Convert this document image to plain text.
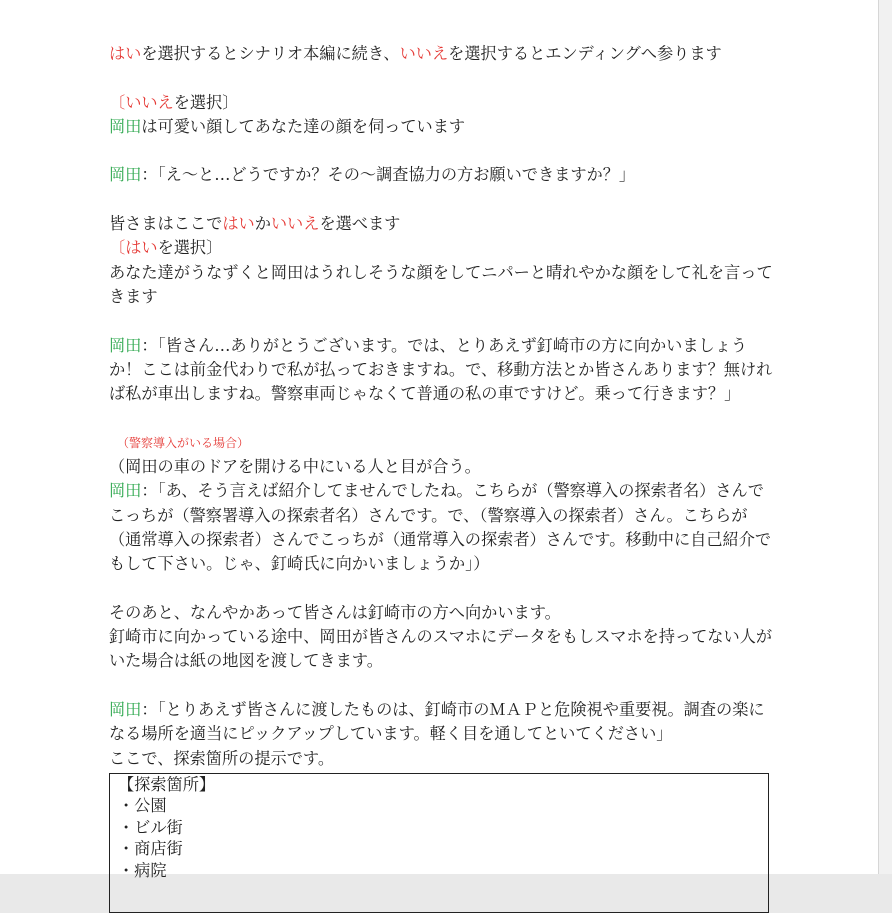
はいを選択するとシナリオ本編に続き、いいえを選択するとエンディングへ参ります
〔いいえを選択〕
岡田は可愛い顔してあなた達の顔を伺っています
岡田：「え～と…どうですか？その～調査協力の方お願いできますか？」
皆さまはここではいかいいえを選べます
〔はいを選択〕
あなた達がうなずくと岡田はうれしそうな顔をしてニパーと晴れやかな顔をして礼を言って
きます
岡田：「皆さん…ありがとうございます。では、とりあえず釘崎市の方に向かいましょう
か！ここは前金代わりで私が払っておきますね。で、移動方法とか皆さんあります？無けれ
ば私が車出しますね。警察車両じゃなくて普通の私の車ですけど。乗って行きます？」
（警察導入がいる場合）
（岡田の車のドアを開ける中にいる人と目が合う。
岡田：「あ、そう言えば紹介してませんでしたね。こちらが（警察導入の探索者名）さんで
こっちが（警察署導入の探索者名）さんです。で、（警察導入の探索者）さん。こちらが
（通常導入の探索者）さんでこっちが（通常導入の探索者）さんです。移動中に自己紹介で
もして下さい。じゃ、釘崎氏に向かいましょうか」）
そのあと、なんやかあって皆さんは釘崎市の方へ向かいます。
釘崎市に向かっている途中、岡田が皆さんのスマホにデータをもしスマホを持ってない人が
いた場合は紙の地図を渡してきます。
岡田：「とりあえず皆さんに渡したものは、釘崎市のＭＡＰと危険視や重要視。調査の楽に
なる場所を適当にピックアップしています。軽く目を通してといてください」
ここで、探索箇所の提示です。
【探索箇所】
・公園
・ビル街
・商店街
・病院
